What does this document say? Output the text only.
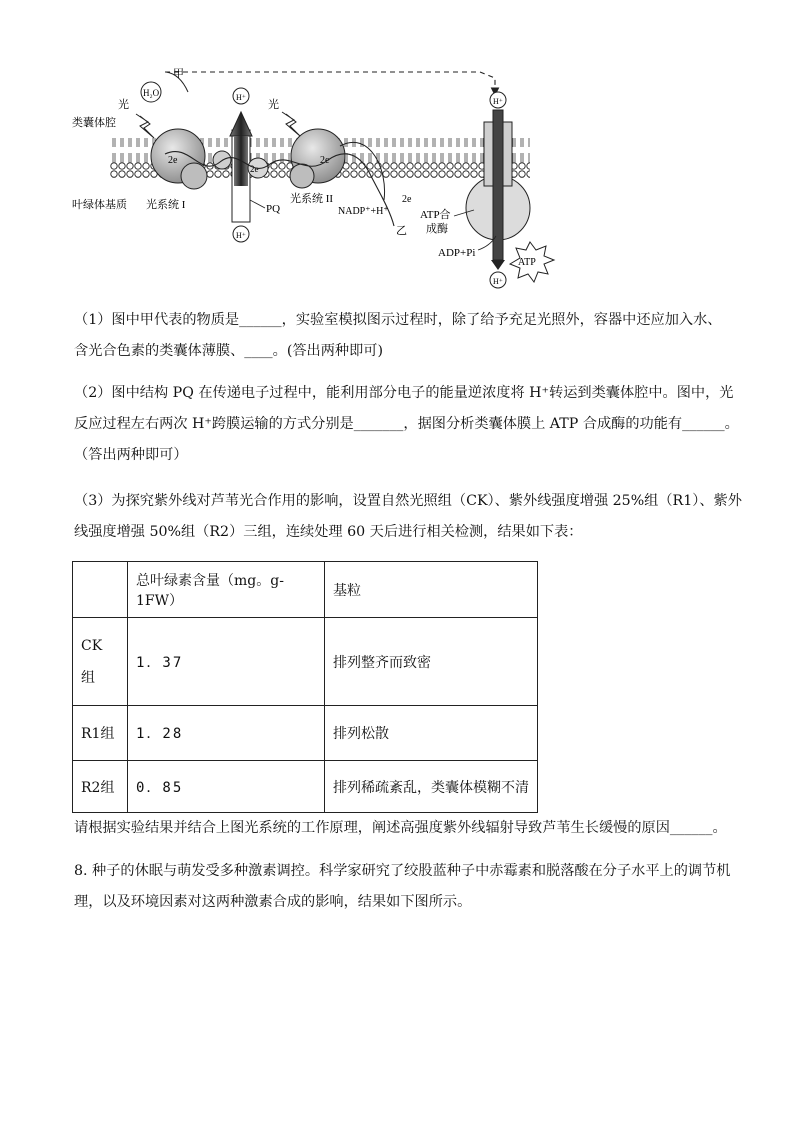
甲
H₂O
光	光
类囊体腔
叶绿体基质
2e
光系统 I	PQ
H⁺
H⁺
2e
2e
光系统 II
NADP⁺+H⁺
2e
乙
H⁺
H⁺
ATP合
成酶
ADP+Pi
ATP
（1）图中甲代表的物质是______，实验室模拟图示过程时，除了给予充足光照外，容器中还应加入水、
含光合色素的类囊体薄膜、____。(答出两种即可)
（2）图中结构 PQ 在传递电子过程中，能利用部分电子的能量逆浓度将 H⁺转运到类囊体腔中。图中，光
反应过程左右两次 H⁺跨膜运输的方式分别是_______，据图分析类囊体膜上 ATP 合成酶的功能有______。
（答出两种即可）
（3）为探究紫外线对芦苇光合作用的影响，设置自然光照组（CK）、紫外线强度增强 25%组（R1）、紫外
线强度增强 50%组（R2）三组，连续处理 60 天后进行相关检测，结果如下表：
	总叶绿素含量（mg。g-1FW）	基粒

CK
组	1．37	排列整齐而致密
R1组	1．28	排列松散
R2组	0．85	排列稀疏紊乱，类囊体模糊不清
请根据实验结果并结合上图光系统的工作原理，阐述高强度紫外线辐射导致芦苇生长缓慢的原因______。
8. 种子的休眠与萌发受多种激素调控。科学家研究了绞股蓝种子中赤霉素和脱落酸在分子水平上的调节机
理，以及环境因素对这两种激素合成的影响，结果如下图所示。
